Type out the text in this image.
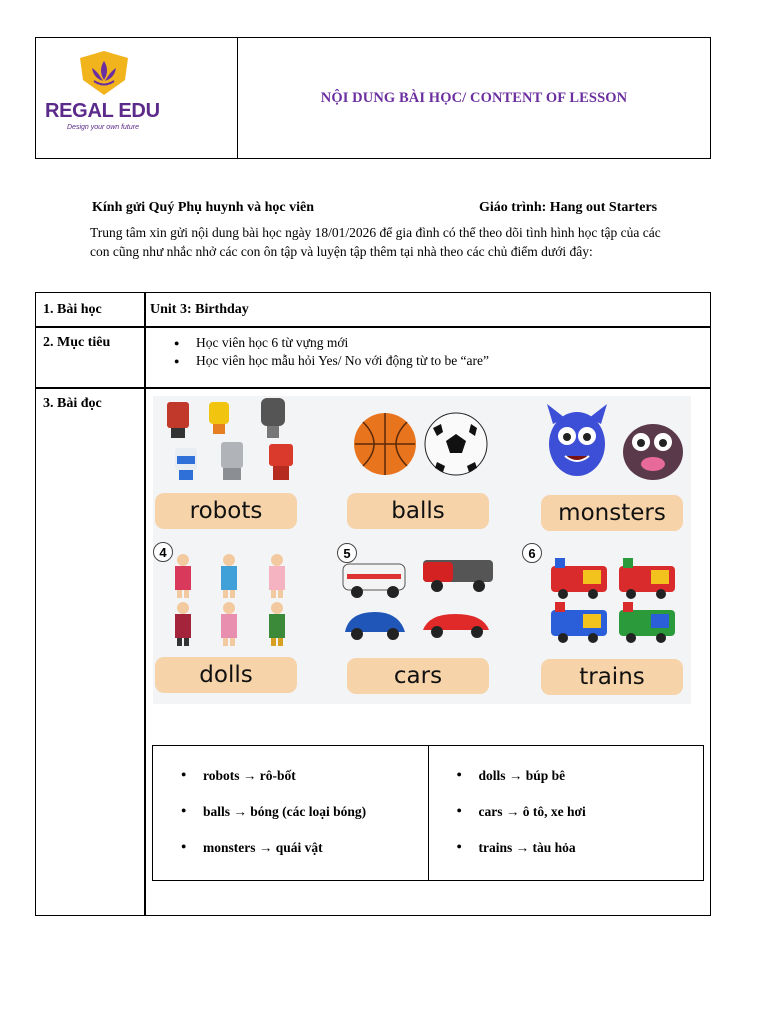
REGAL EDU
Design your own future
NỘI DUNG BÀI HỌC/ CONTENT OF LESSON
Kính gửi Quý Phụ huynh và học viên	Giáo trình: Hang out Starters
Trung tâm xin gửi nội dung bài học ngày 18/01/2026 để gia đình có thể theo dõi tình hình học tập của các con cũng như nhắc nhở các con ôn tập và luyện tập thêm tại nhà theo các chủ điểm dưới đây:
1. Bài học	Unit 3: Birthday
2. Mục tiêu
●	Học viên học 6 từ vựng mới
● Học viên học mẫu hỏi Yes/ No với động từ to be “are”
3. Bài đọc
robots	balls	monsters
4	5	6
dolls	cars	trains
● robots → rô-bốt
● balls → bóng (các loại bóng)
● monsters → quái vật
● dolls → búp bê
● cars → ô tô, xe hơi
● trains → tàu hỏa
